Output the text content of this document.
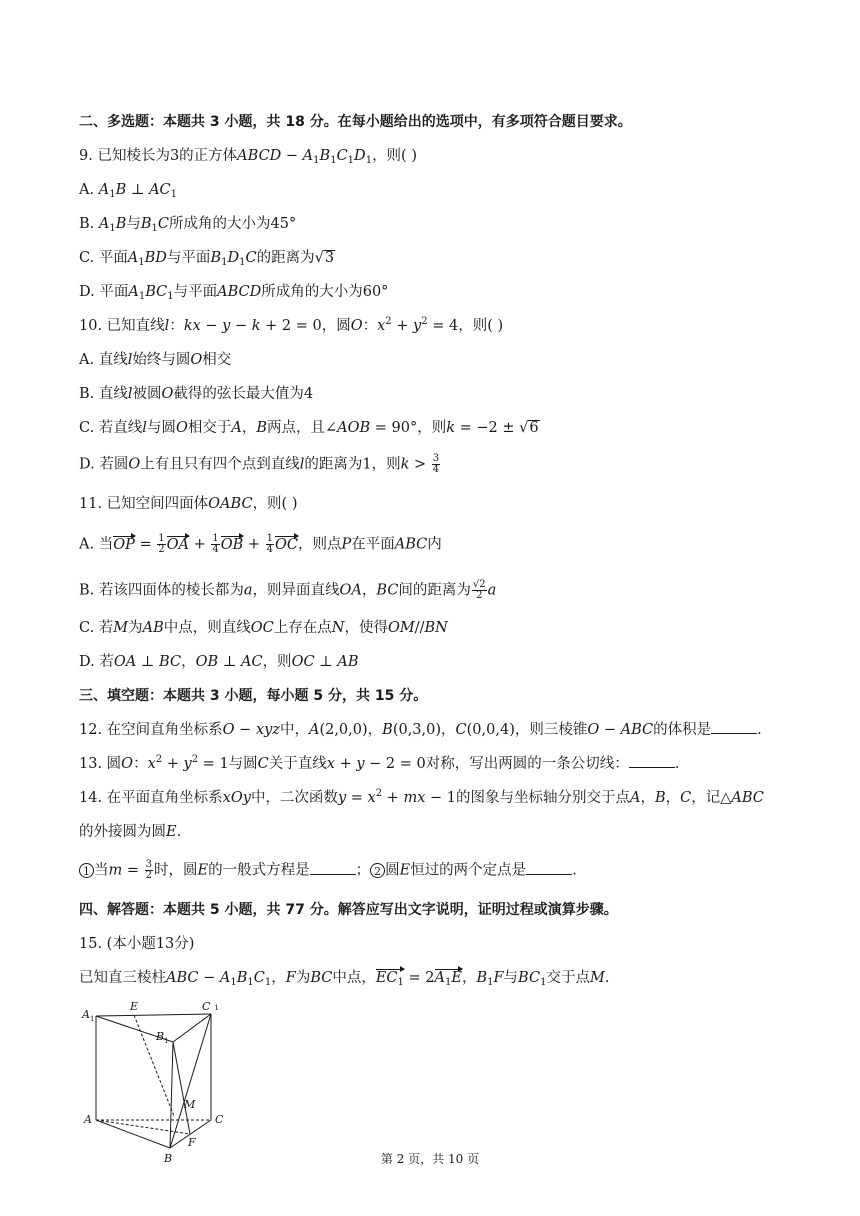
二、多选题：本题共 3 小题，共 18 分。在每小题给出的选项中，有多项符合题目要求。
9. 已知棱长为3的正方体ABCD − $A_1B_1C_1D_1$，则( )
A. $A_1B$ ⊥ $AC_1$
B. $A_1B$与$B_1C$所成角的大小为45°
C. 平面$A_1BD$与平面$B_1D_1C$的距离为√3
D. 平面$A_1BC_1$与平面ABCD所成角的大小为60°
10. 已知直线l：kx − y − k + 2 = 0，圆O：$x^2 + y^2 = 4$，则( )
A. 直线l始终与圆O相交
B. 直线l被圆O截得的弦长最大值为4
C. 若直线l与圆O相交于A，B两点，且∠AOB = 90°，则k = −2 ± √6
D. 若圆O上有且只有四个点到直线l的距离为1，则$k > \frac{3}{4}$
11. 已知空间四面体OABC，则( )
A. 当OP = $\frac{1}{2}$ OA + $\frac{1}{4}$ OB + $\frac{1}{4}$ OC，则点P在平面ABC内
B. 若该四面体的棱长都为a，则异面直线OA，BC间的距离为 $\frac{√2}{2}$ a
C. 若M为AB中点，则直线OC上存在点N，使得OM//BN
D. 若OA ⊥ BC，OB ⊥ AC，则OC ⊥ AB
三、填空题：本题共 3 小题，每小题 5 分，共 15 分。
12. 在空间直角坐标系O − xyz中，A(2,0,0)，B(0,3,0)，C(0,0,4)，则三棱锥O − ABC的体积是	.
13. 圆O：$x^2 + y^2 = 1$与圆C关于直线x + y − 2 = 0对称，写出两圆的一条公切线：	.
14. 在平面直角坐标系xOy中，二次函数$y = x^2$ + mx − 1的图象与坐标轴分别交于点A，B，C，记△ABC
的外接圆为圆E.
1 当$m = \frac{3}{2}$ 时，圆E的一般式方程是	； 2 圆E恒过的两个定点是	.
四、解答题：本题共 5 小题，共 77 分。解答应写出文字说明，证明过程或演算步骤。
15. (本小题13分)
已知直三棱柱ABC − $A_1B_1C_1$，F为BC中点，$EC_1 = 2A_1E$，$B_1F$与$BC_1$交于点M.
$A_1$
E	C 1
$B_1$
M
A	C
F
B	第 2 页，共 10 页
